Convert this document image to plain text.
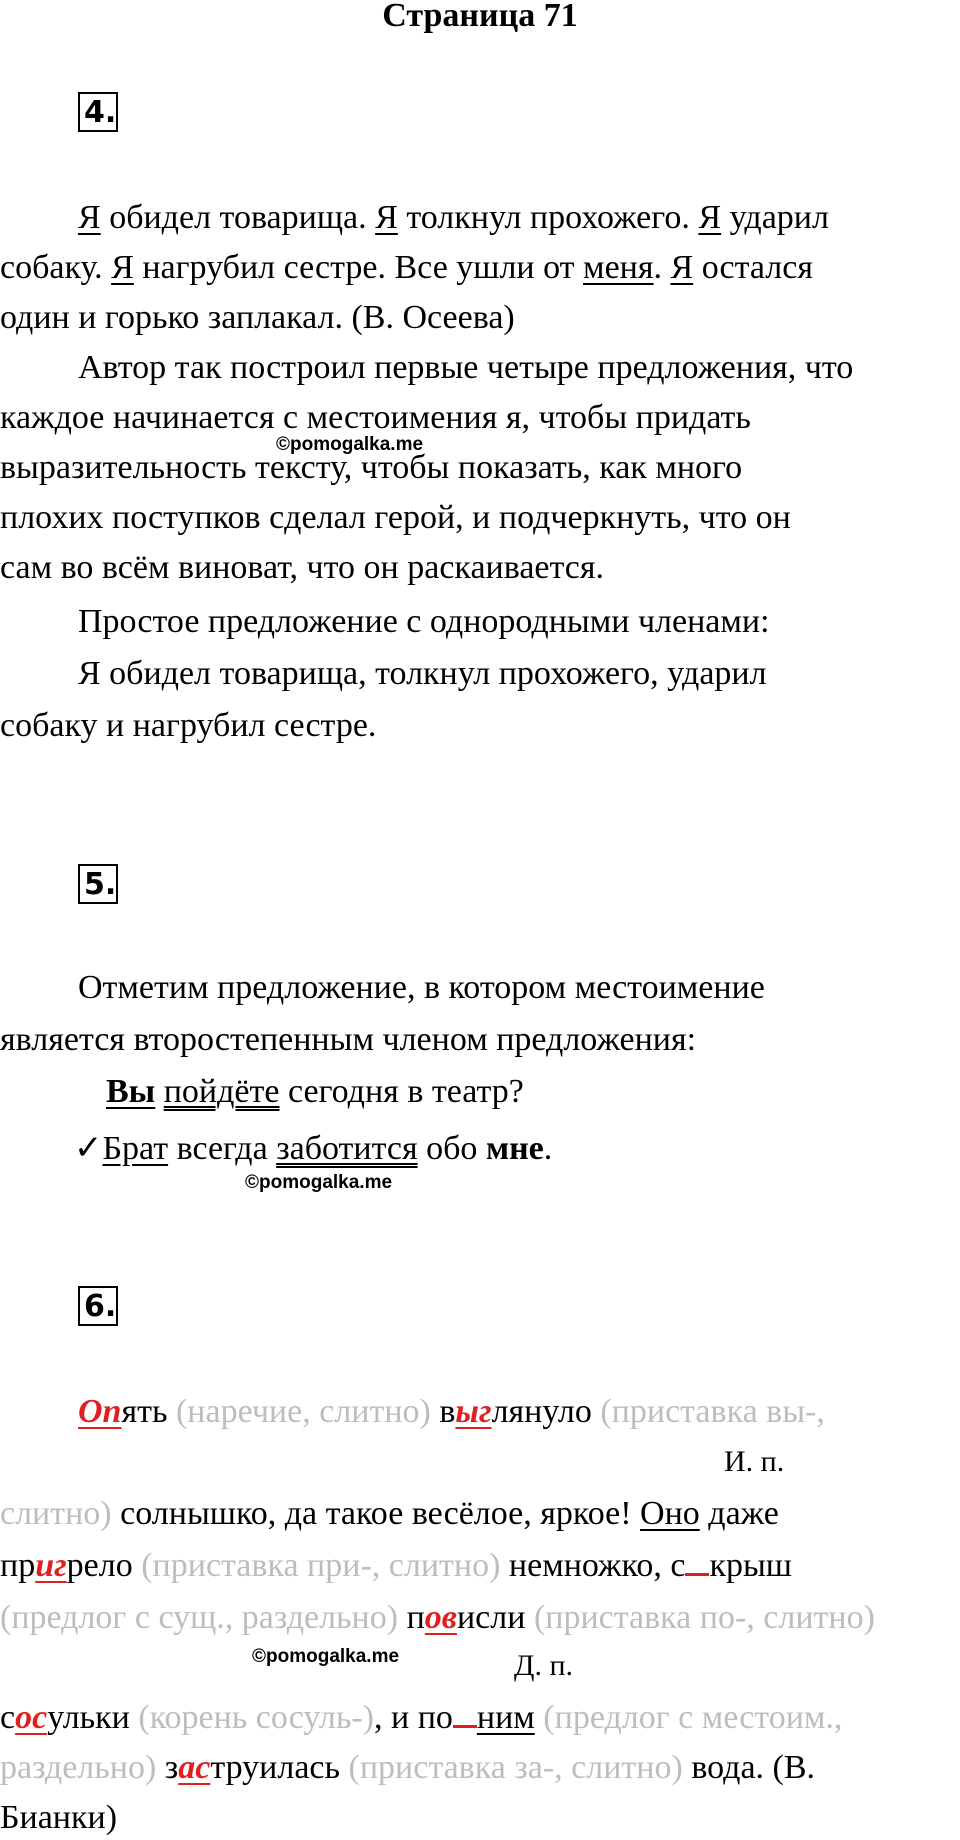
Страница 71
4.
Я обидел товарища. Я толкнул прохожего. Я ударил
собаку. Я нагрубил сестре. Все ушли от меня. Я остался
один и горько заплакал. (В. Осеева)
Автор так построил первые четыре предложения, что
каждое начинается с местоимения я, чтобы придать
©pomogalka.me
выразительность тексту, чтобы показать, как много
плохих поступков сделал герой, и подчеркнуть, что он
сам во всём виноват, что он раскаивается.
Простое предложение с однородными членами:
Я обидел товарища, толкнул прохожего, ударил
собаку и нагрубил сестре.
5.
Отметим предложение, в котором местоимение
является второстепенным членом предложения:
Вы пойдёте сегодня в театр?
✓Брат всегда заботится обо мне.
©pomogalka.me
6.
Опять (наречие, слитно) выглянуло (приставка вы-,
И. п.
слитно) солнышко, да такое весёлое, яркое! Оно даже
пригрело (приставка при-, слитно) немножко, с крыш
(предлог с сущ., раздельно) повисли (приставка по-, слитно)
©pomogalka.me	Д. п.
сосульки (корень сосуль-), и по ним (предлог с местоим.,
раздельно) заструилась (приставка за-, слитно) вода. (В.
Бианки)
